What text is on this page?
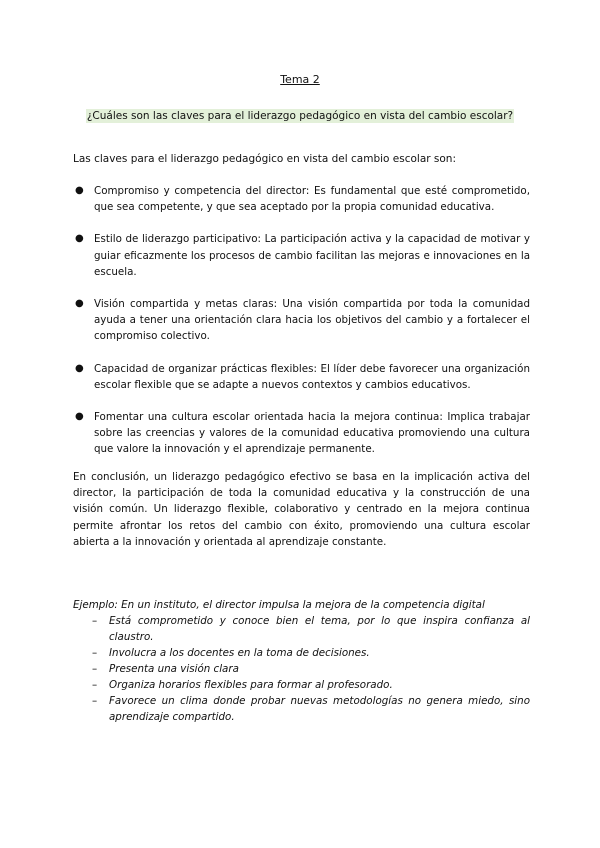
Tema 2
¿Cuáles son las claves para el liderazgo pedagógico en vista del cambio escolar?
Las claves para el liderazgo pedagógico en vista del cambio escolar son:
● Compromiso y competencia del director: Es fundamental que esté comprometido, que sea competente, y que sea aceptado por la propia comunidad educativa.
● Estilo de liderazgo participativo: La participación activa y la capacidad de motivar y guiar eficazmente los procesos de cambio facilitan las mejoras e innovaciones en la escuela.
● Visión compartida y metas claras: Una visión compartida por toda la comunidad ayuda a tener una orientación clara hacia los objetivos del cambio y a fortalecer el compromiso colectivo.
● Capacidad de organizar prácticas flexibles: El líder debe favorecer una organización escolar flexible que se adapte a nuevos contextos y cambios educativos.
● Fomentar una cultura escolar orientada hacia la mejora continua: Implica trabajar sobre las creencias y valores de la comunidad educativa promoviendo una cultura que valore la innovación y el aprendizaje permanente.

En conclusión, un liderazgo pedagógico efectivo se basa en la implicación activa del director, la participación de toda la comunidad educativa y la construcción de una visión común. Un liderazgo flexible, colaborativo y centrado en la mejora continua permite afrontar los retos del cambio con éxito, promoviendo una cultura escolar abierta a la innovación y orientada al aprendizaje constante.

Ejemplo: En un instituto, el director impulsa la mejora de la competencia digital
– Está comprometido y conoce bien el tema, por lo que inspira confianza al claustro.
– Involucra a los docentes en la toma de decisiones.
– Presenta una visión clara
– Organiza horarios flexibles para formar al profesorado.
– Favorece un clima donde probar nuevas metodologías no genera miedo, sino aprendizaje compartido.
